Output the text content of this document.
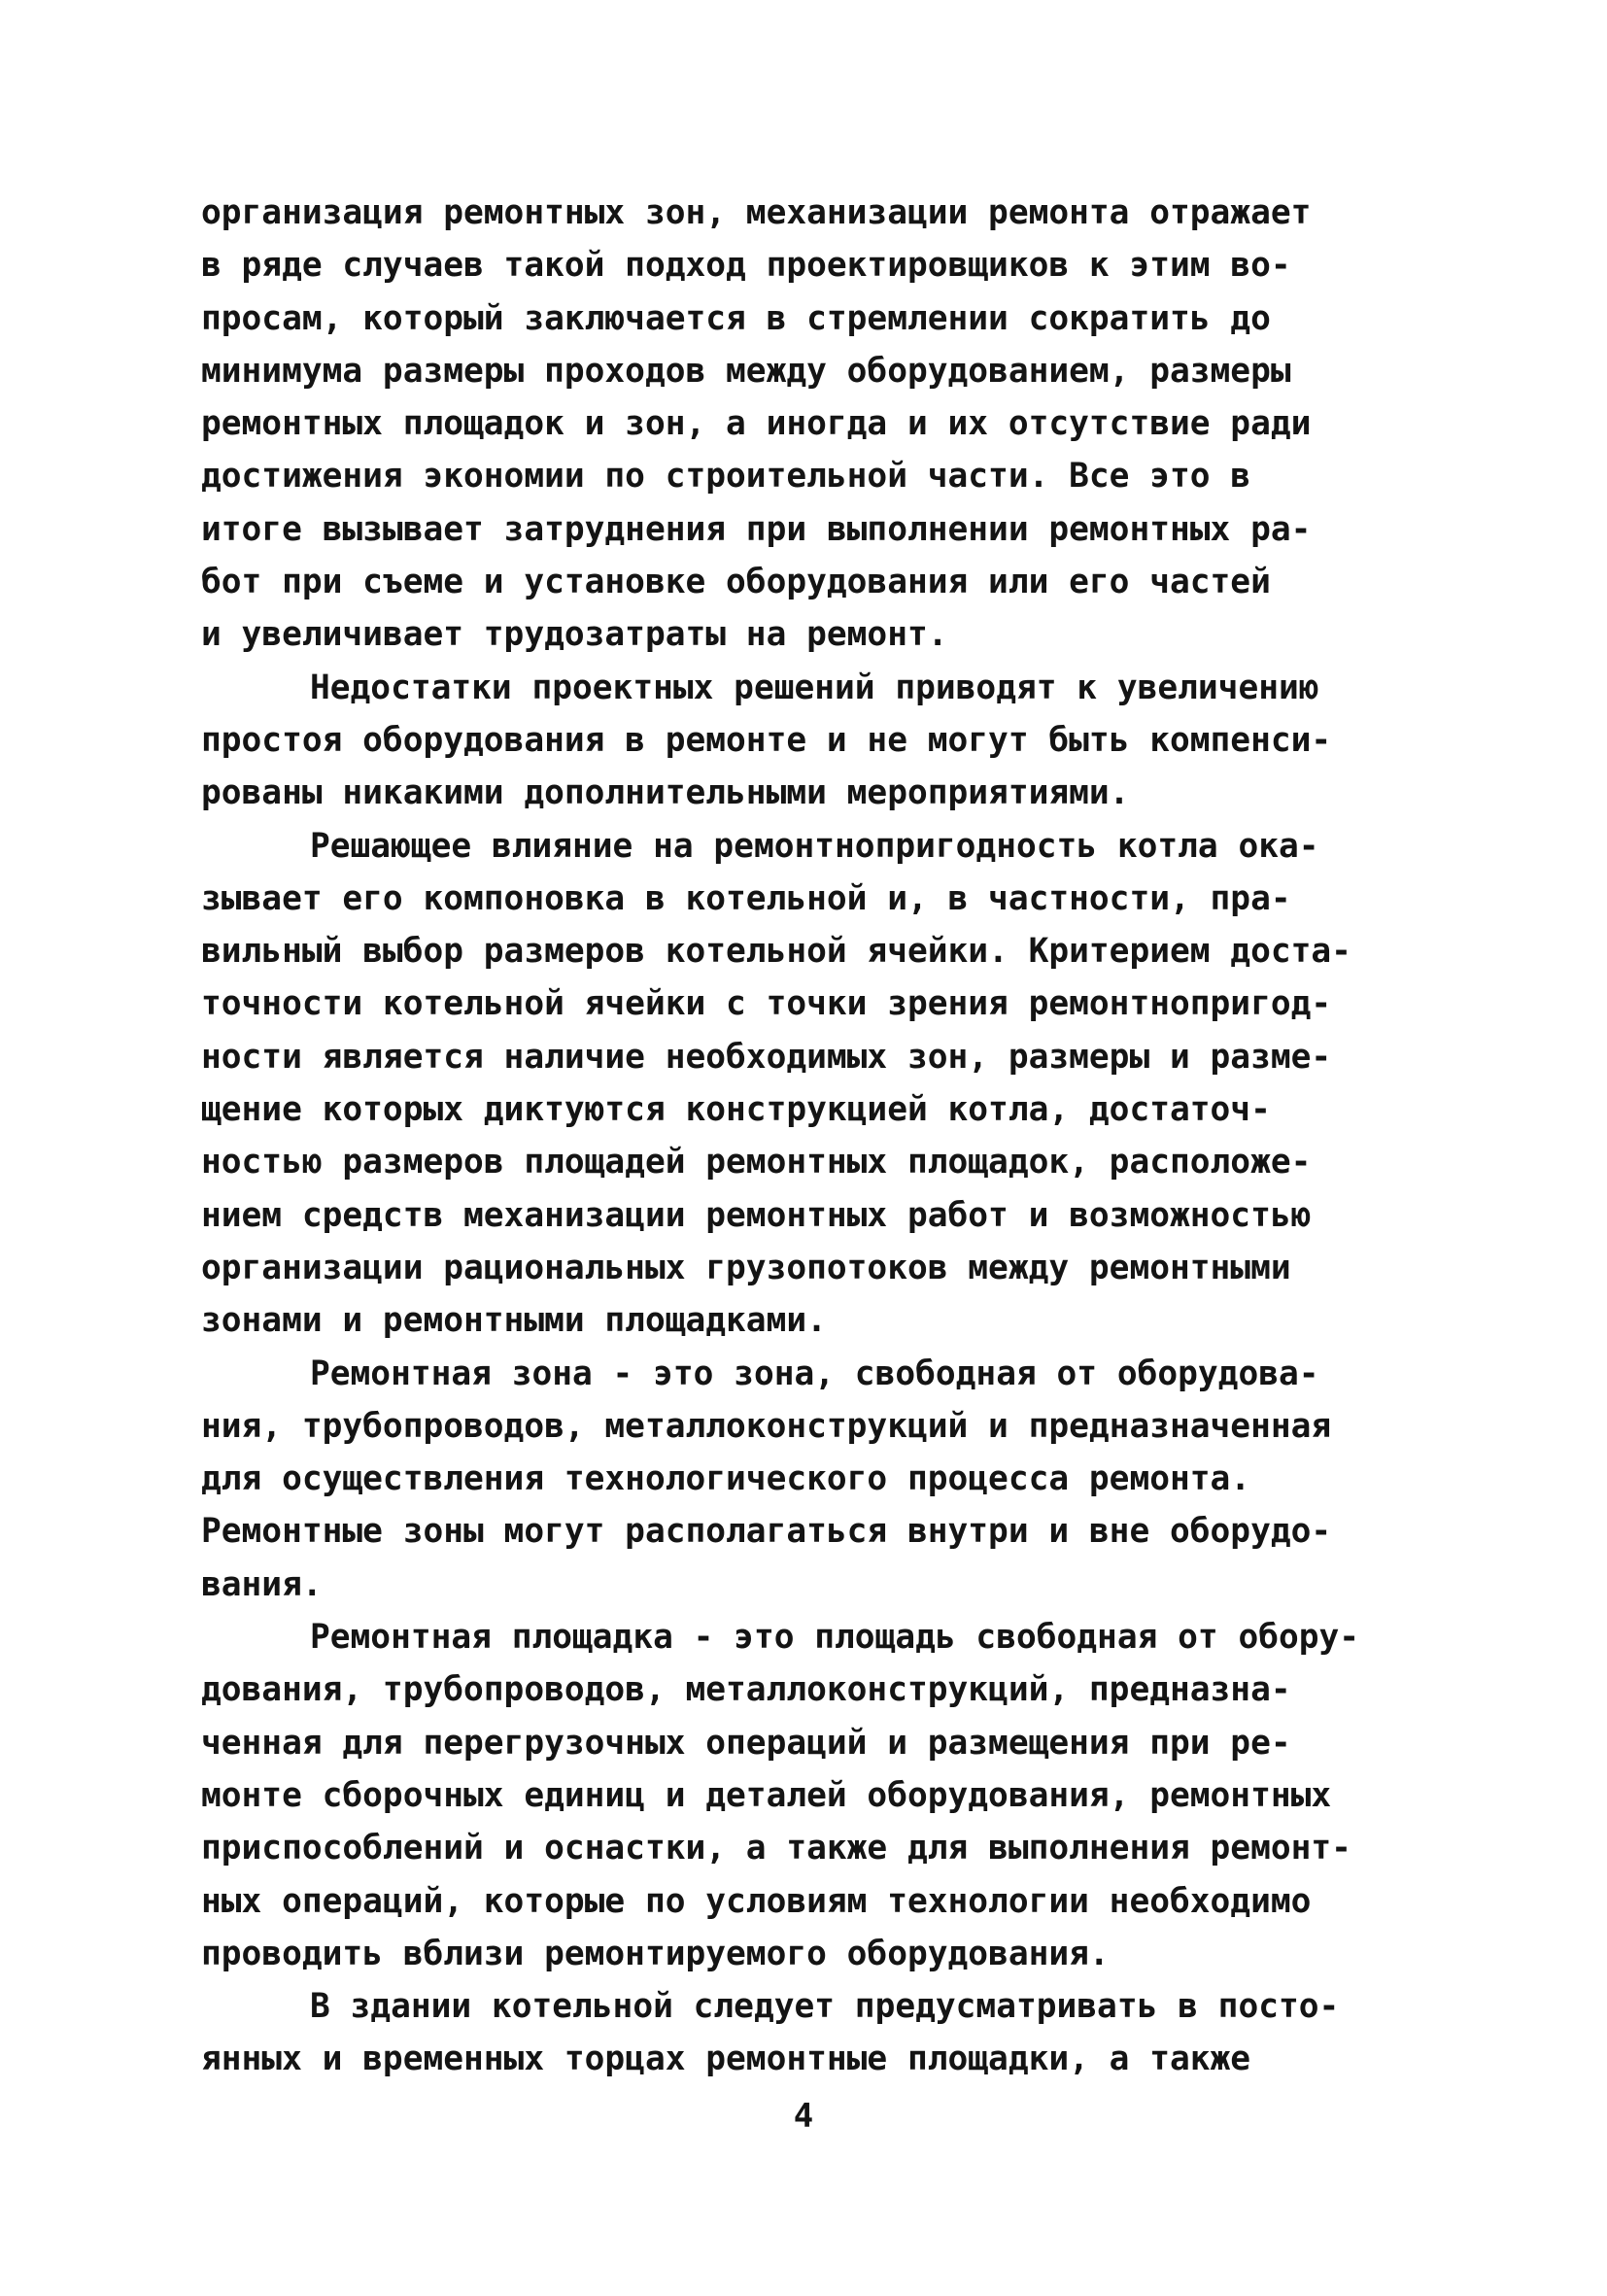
организация ремонтных зон, механизации ремонта отражает
в ряде случаев такой подход проектировщиков к этим во-
просам, который заключается в стремлении сократить до
минимума размеры проходов между оборудованием, размеры
ремонтных площадок и зон, а иногда и их отсутствие ради
достижения экономии по строительной части. Все это в
итоге вызывает затруднения при выполнении ремонтных ра-
бот при съеме и установке оборудования или его частей
и увеличивает трудозатраты на ремонт.
Недостатки проектных решений приводят к увеличению
простоя оборудования в ремонте и не могут быть компенси-
рованы никакими дополнительными мероприятиями.
Решающее влияние на ремонтнопригодность котла ока-
зывает его компоновка в котельной и, в частности, пра-
вильный выбор размеров котельной ячейки. Критерием доста-
точности котельной ячейки с точки зрения ремонтнопригод-
ности является наличие необходимых зон, размеры и разме-
щение которых диктуются конструкцией котла, достаточ-
ностью размеров площадей ремонтных площадок, расположе-
нием средств механизации ремонтных работ и возможностью
организации рациональных грузопотоков между ремонтными
зонами и ремонтными площадками.
Ремонтная зона - это зона, свободная от оборудова-
ния, трубопроводов, металлоконструкций и предназначенная
для осуществления технологического процесса ремонта.
Ремонтные зоны могут располагаться внутри и вне оборудо-
вания.
Ремонтная площадка - это площадь свободная от обору-
дования, трубопроводов, металлоконструкций, предназна-
ченная для перегрузочных операций и размещения при ре-
монте сборочных единиц и деталей оборудования, ремонтных
приспособлений и оснастки, а также для выполнения ремонт-
ных операций, которые по условиям технологии необходимо
проводить вблизи ремонтируемого оборудования.
В здании котельной следует предусматривать в посто-
янных и временных торцах ремонтные площадки, а также
4
